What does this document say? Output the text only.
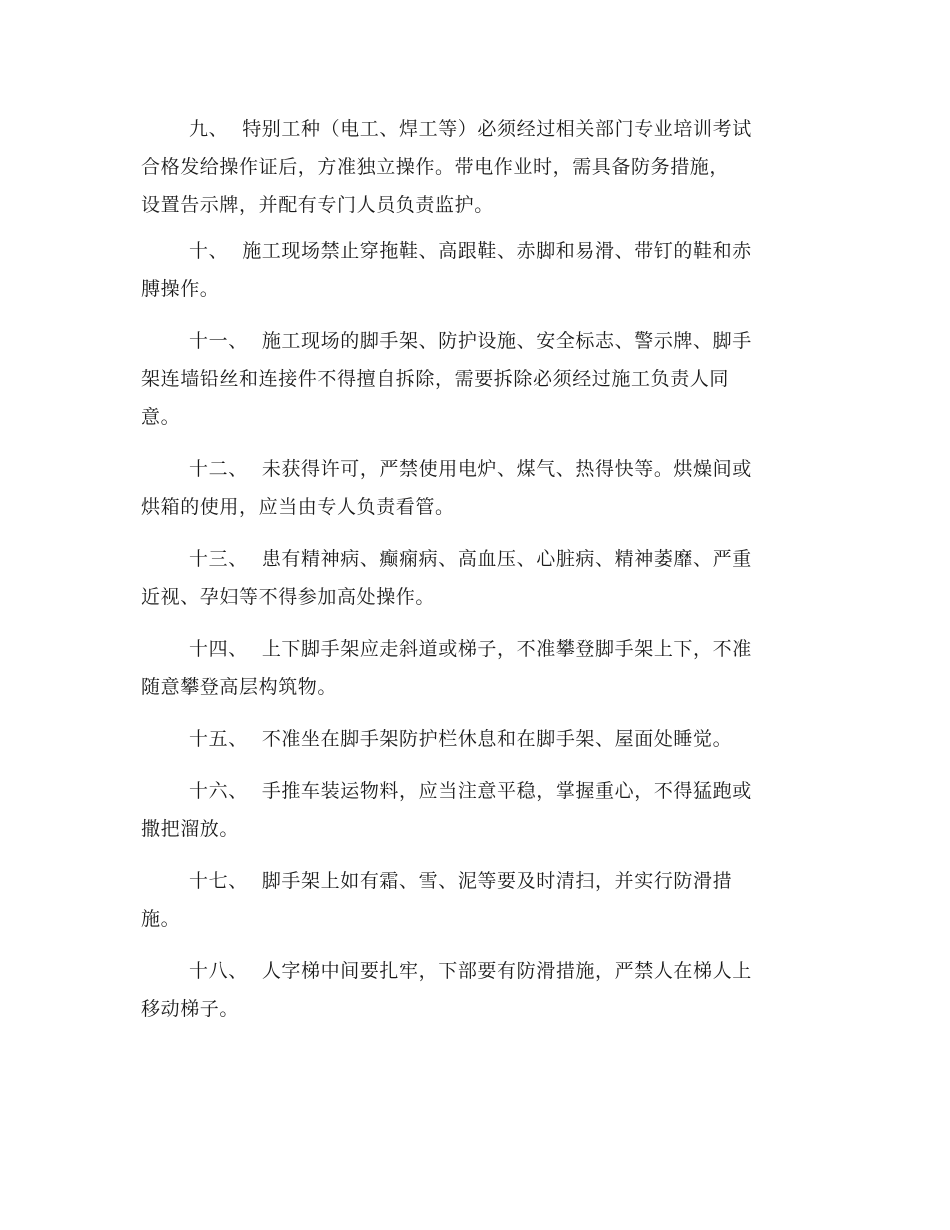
九、 特别工种（电工、焊工等）必须经过相关部门专业培训考试
合格发给操作证后，方准独立操作。带电作业时，需具备防务措施，
设置告示牌，并配有专门人员负责监护。
十、 施工现场禁止穿拖鞋、高跟鞋、赤脚和易滑、带钉的鞋和赤
膊操作。
十一、 施工现场的脚手架、防护设施、安全标志、警示牌、脚手
架连墙铅丝和连接件不得擅自拆除，需要拆除必须经过施工负责人同
意。
十二、 未获得许可，严禁使用电炉、煤气、热得快等。烘燥间或
烘箱的使用，应当由专人负责看管。
十三、 患有精神病、癫痫病、高血压、心脏病、精神萎靡、严重
近视、孕妇等不得参加高处操作。
十四、 上下脚手架应走斜道或梯子，不准攀登脚手架上下，不准
随意攀登高层构筑物。
十五、 不准坐在脚手架防护栏休息和在脚手架、屋面处睡觉。
十六、 手推车装运物料，应当注意平稳，掌握重心，不得猛跑或
撒把溜放。
十七、 脚手架上如有霜、雪、泥等要及时清扫，并实行防滑措
施。
十八、 人字梯中间要扎牢，下部要有防滑措施，严禁人在梯人上
移动梯子。
